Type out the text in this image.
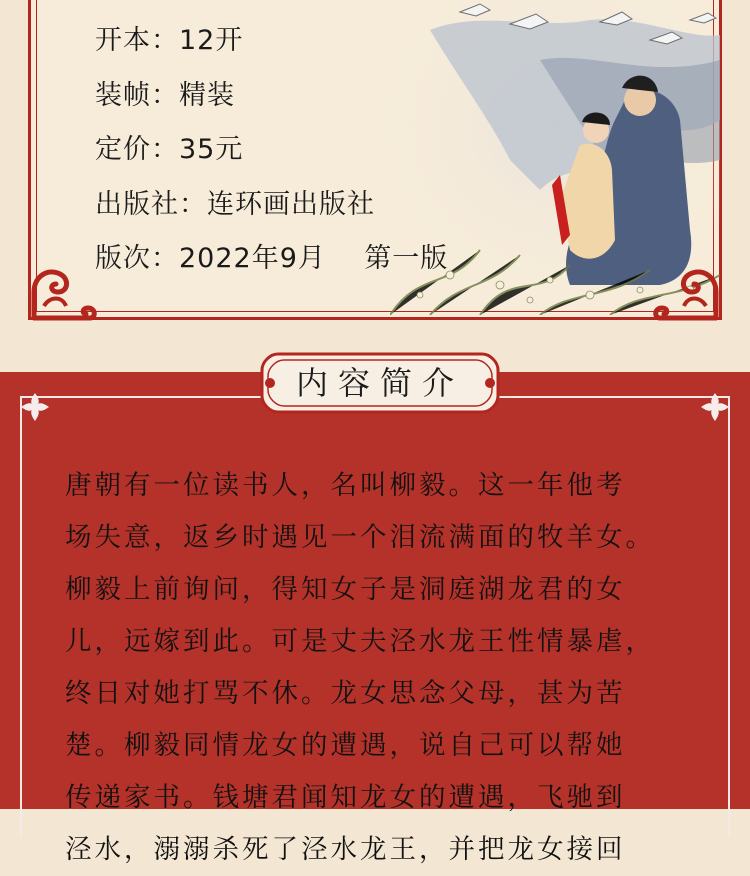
开本：12开
装帧：精装
定价：35元
出版社：连环画出版社
版次：2022年9月    第一版
内容简介
唐朝有一位读书人，名叫柳毅。这一年他考
场失意，返乡时遇见一个泪流满面的牧羊女。
柳毅上前询问，得知女子是洞庭湖龙君的女
儿，远嫁到此。可是丈夫泾水龙王性情暴虐，
终日对她打骂不休。龙女思念父母，甚为苦
楚。柳毅同情龙女的遭遇，说自己可以帮她
传递家书。钱塘君闻知龙女的遭遇，飞驰到
泾水，溺溺杀死了泾水龙王，并把龙女接回
